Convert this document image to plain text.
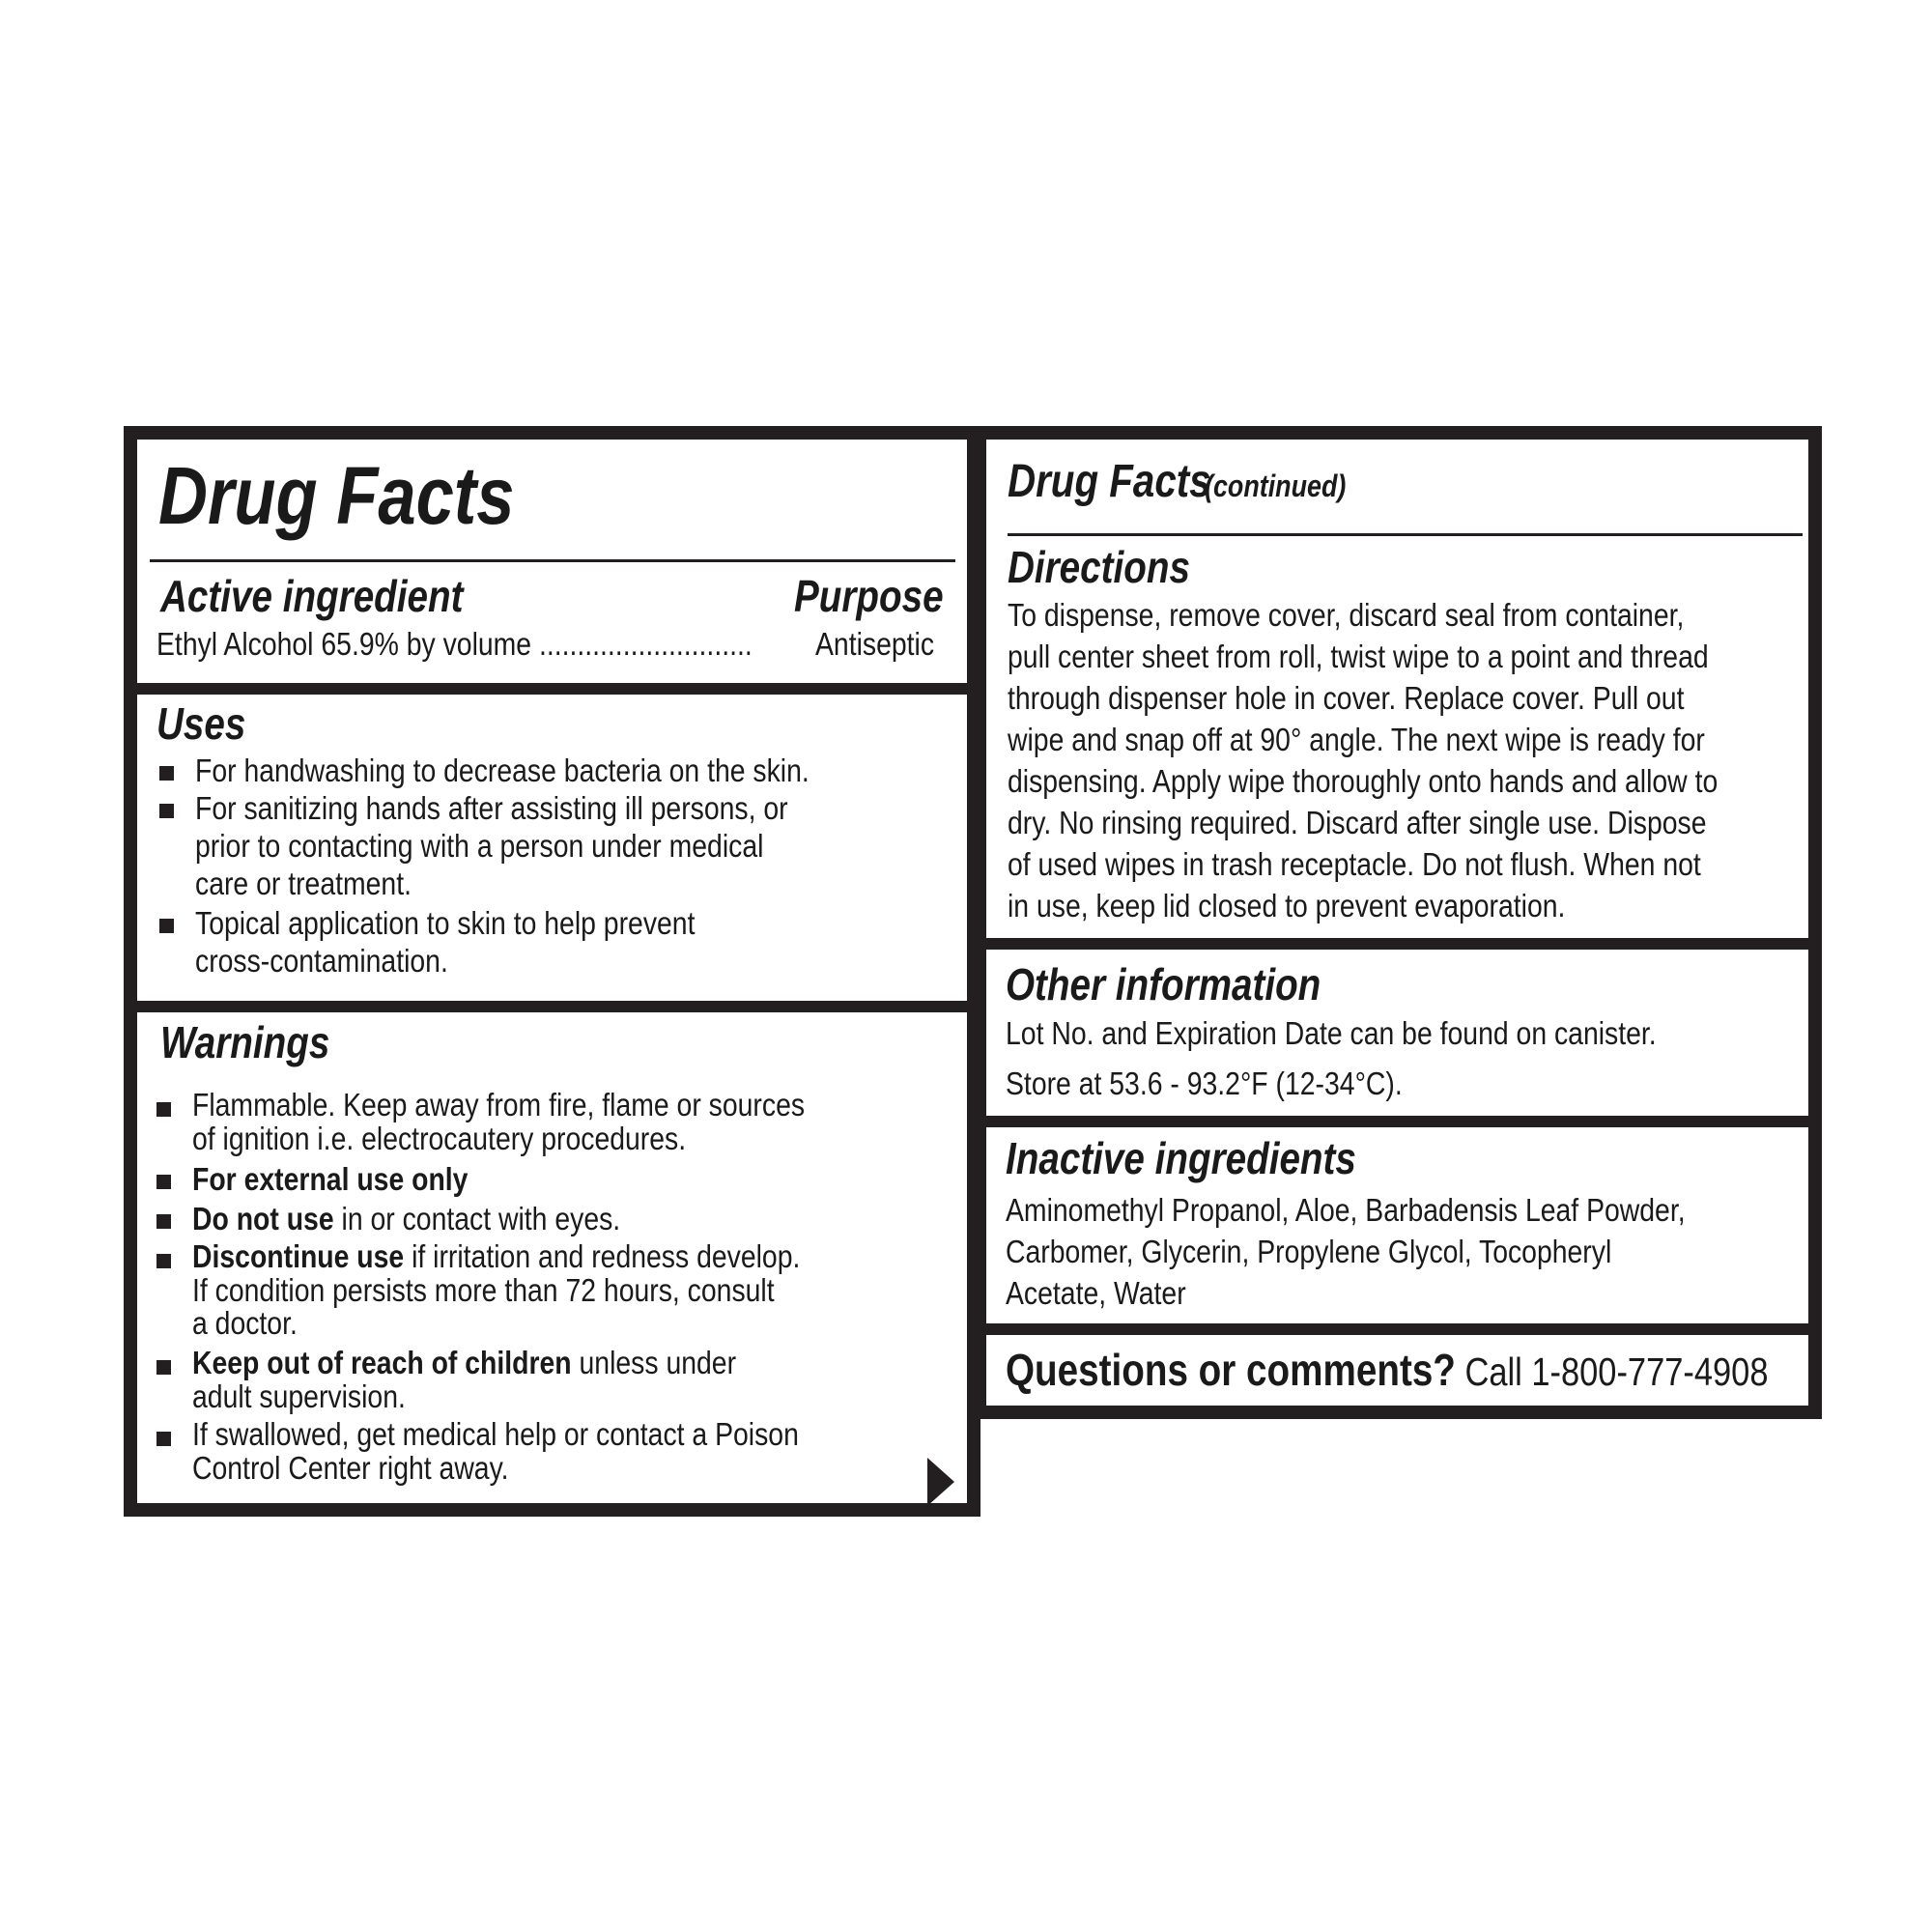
Drug Facts
Active ingredient	Purpose
Ethyl Alcohol 65.9% by volume ............................ Antiseptic
Uses
For handwashing to decrease bacteria on the skin.
For sanitizing hands after assisting ill persons, or
prior to contacting with a person under medical
care or treatment.
Topical application to skin to help prevent
cross-contamination.
Warnings
Flammable. Keep away from fire, flame or sources
of ignition i.e. electrocautery procedures.
For external use only
Do not use in or contact with eyes.
Discontinue use if irritation and redness develop.
If condition persists more than 72 hours, consult
a doctor.
Keep out of reach of children unless under
adult supervision.
If swallowed, get medical help or contact a Poison
Control Center right away.
Drug Facts
(continued)
Directions
To dispense, remove cover, discard seal from container,
pull center sheet from roll, twist wipe to a point and thread
through dispenser hole in cover. Replace cover. Pull out
wipe and snap off at 90° angle. The next wipe is ready for
dispensing. Apply wipe thoroughly onto hands and allow to
dry. No rinsing required. Discard after single use. Dispose
of used wipes in trash receptacle. Do not flush. When not
in use, keep lid closed to prevent evaporation.
Other information
Lot No. and Expiration Date can be found on canister.
Store at 53.6 - 93.2°F (12-34°C).
Inactive ingredients
Aminomethyl Propanol, Aloe, Barbadensis Leaf Powder,
Carbomer, Glycerin, Propylene Glycol, Tocopheryl
Acetate, Water
Questions or comments? Call 1-800-777-4908
